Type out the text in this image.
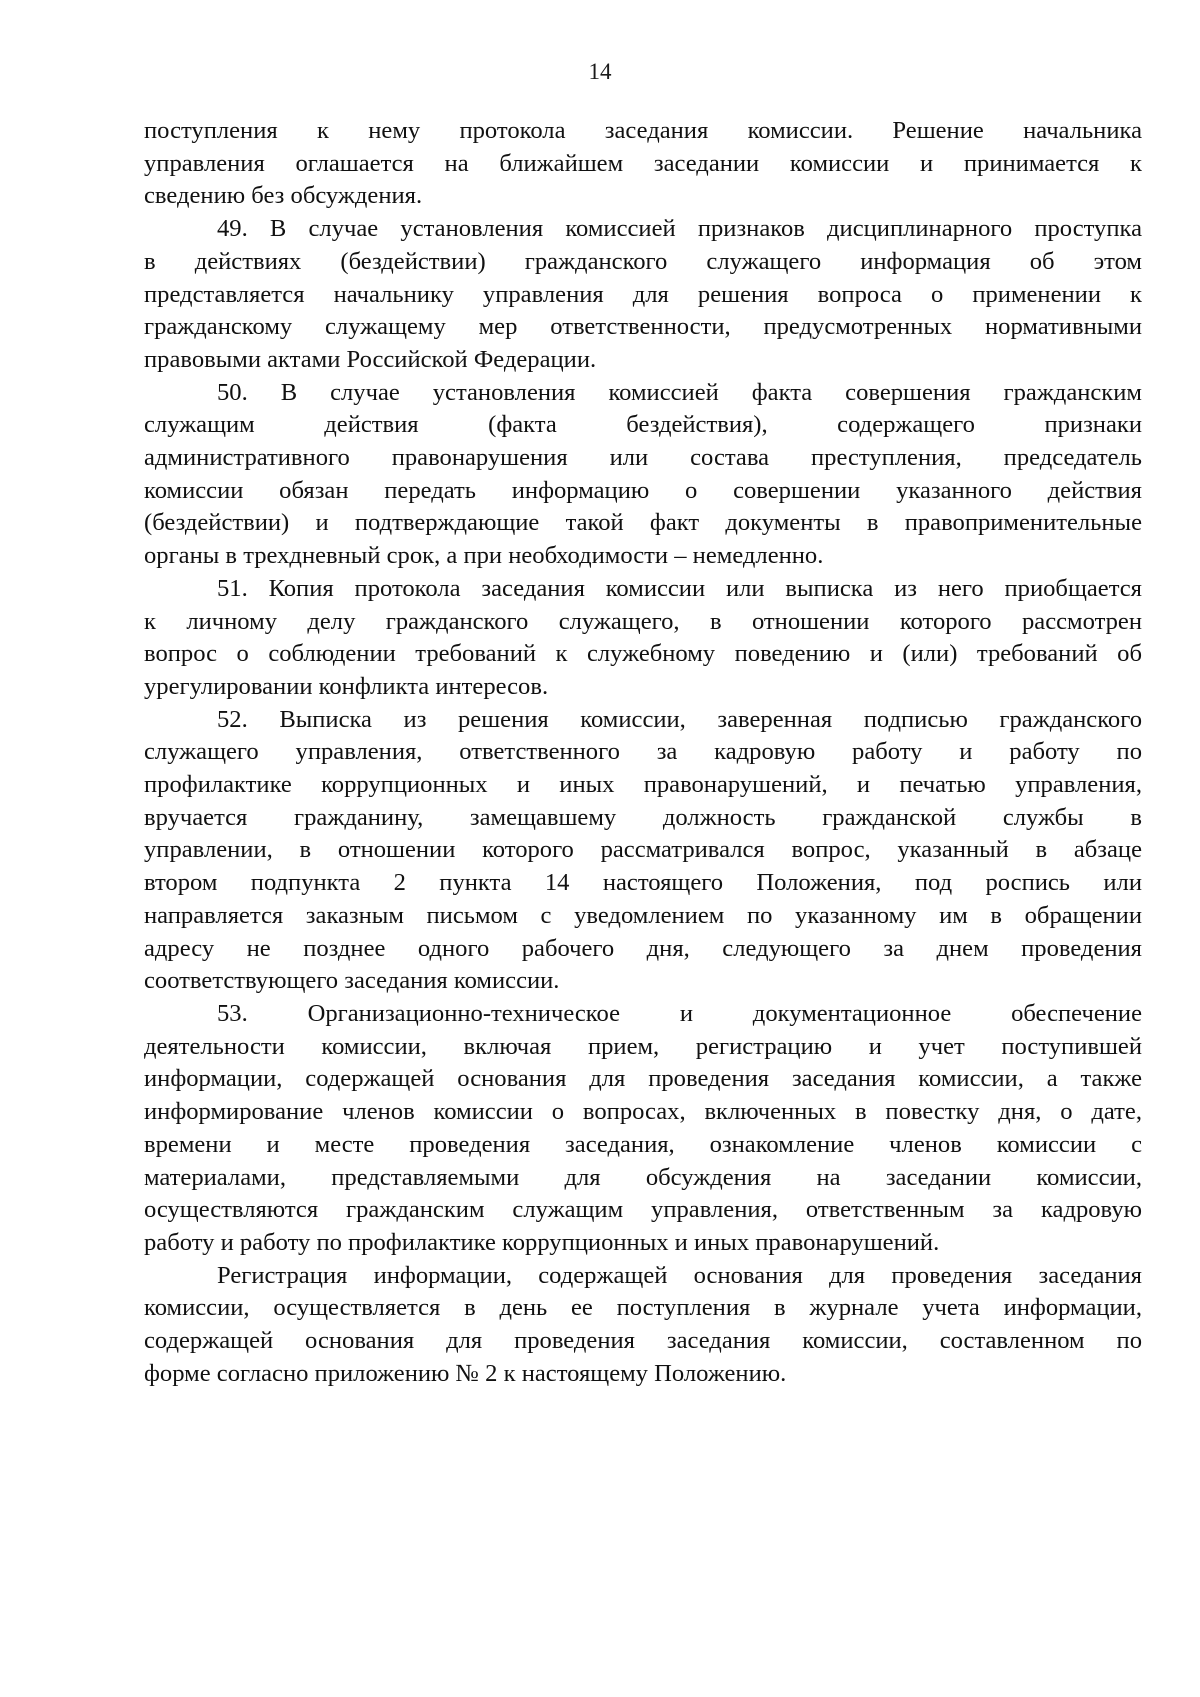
14
поступления к нему протокола заседания комиссии. Решение начальника
управления оглашается на ближайшем заседании комиссии и принимается к
сведению без обсуждения.
49. В случае установления комиссией признаков дисциплинарного проступка
в действиях (бездействии) гражданского служащего информация об этом
представляется начальнику управления для решения вопроса о применении к
гражданскому служащему мер ответственности, предусмотренных нормативными
правовыми актами Российской Федерации.
50. В случае установления комиссией факта совершения гражданским
служащим действия (факта бездействия), содержащего признаки
административного правонарушения или состава преступления, председатель
комиссии обязан передать информацию о совершении указанного действия
(бездействии) и подтверждающие такой факт документы в правоприменительные
органы в трехдневный срок, а при необходимости – немедленно.
51. Копия протокола заседания комиссии или выписка из него приобщается
к личному делу гражданского служащего, в отношении которого рассмотрен
вопрос о соблюдении требований к служебному поведению и (или) требований об
урегулировании конфликта интересов.
52. Выписка из решения комиссии, заверенная подписью гражданского
служащего управления, ответственного за кадровую работу и работу по
профилактике коррупционных и иных правонарушений, и печатью управления,
вручается гражданину, замещавшему должность гражданской службы в
управлении, в отношении которого рассматривался вопрос, указанный в абзаце
втором подпункта 2 пункта 14 настоящего Положения, под роспись или
направляется заказным письмом с уведомлением по указанному им в обращении
адресу не позднее одного рабочего дня, следующего за днем проведения
соответствующего заседания комиссии.
53. Организационно-техническое и документационное обеспечение
деятельности комиссии, включая прием, регистрацию и учет поступившей
информации, содержащей основания для проведения заседания комиссии, а также
информирование членов комиссии о вопросах, включенных в повестку дня, о дате,
времени и месте проведения заседания, ознакомление членов комиссии с
материалами, представляемыми для обсуждения на заседании комиссии,
осуществляются гражданским служащим управления, ответственным за кадровую
работу и работу по профилактике коррупционных и иных правонарушений.
Регистрация информации, содержащей основания для проведения заседания
комиссии, осуществляется в день ее поступления в журнале учета информации,
содержащей основания для проведения заседания комиссии, составленном по
форме согласно приложению № 2 к настоящему Положению.
